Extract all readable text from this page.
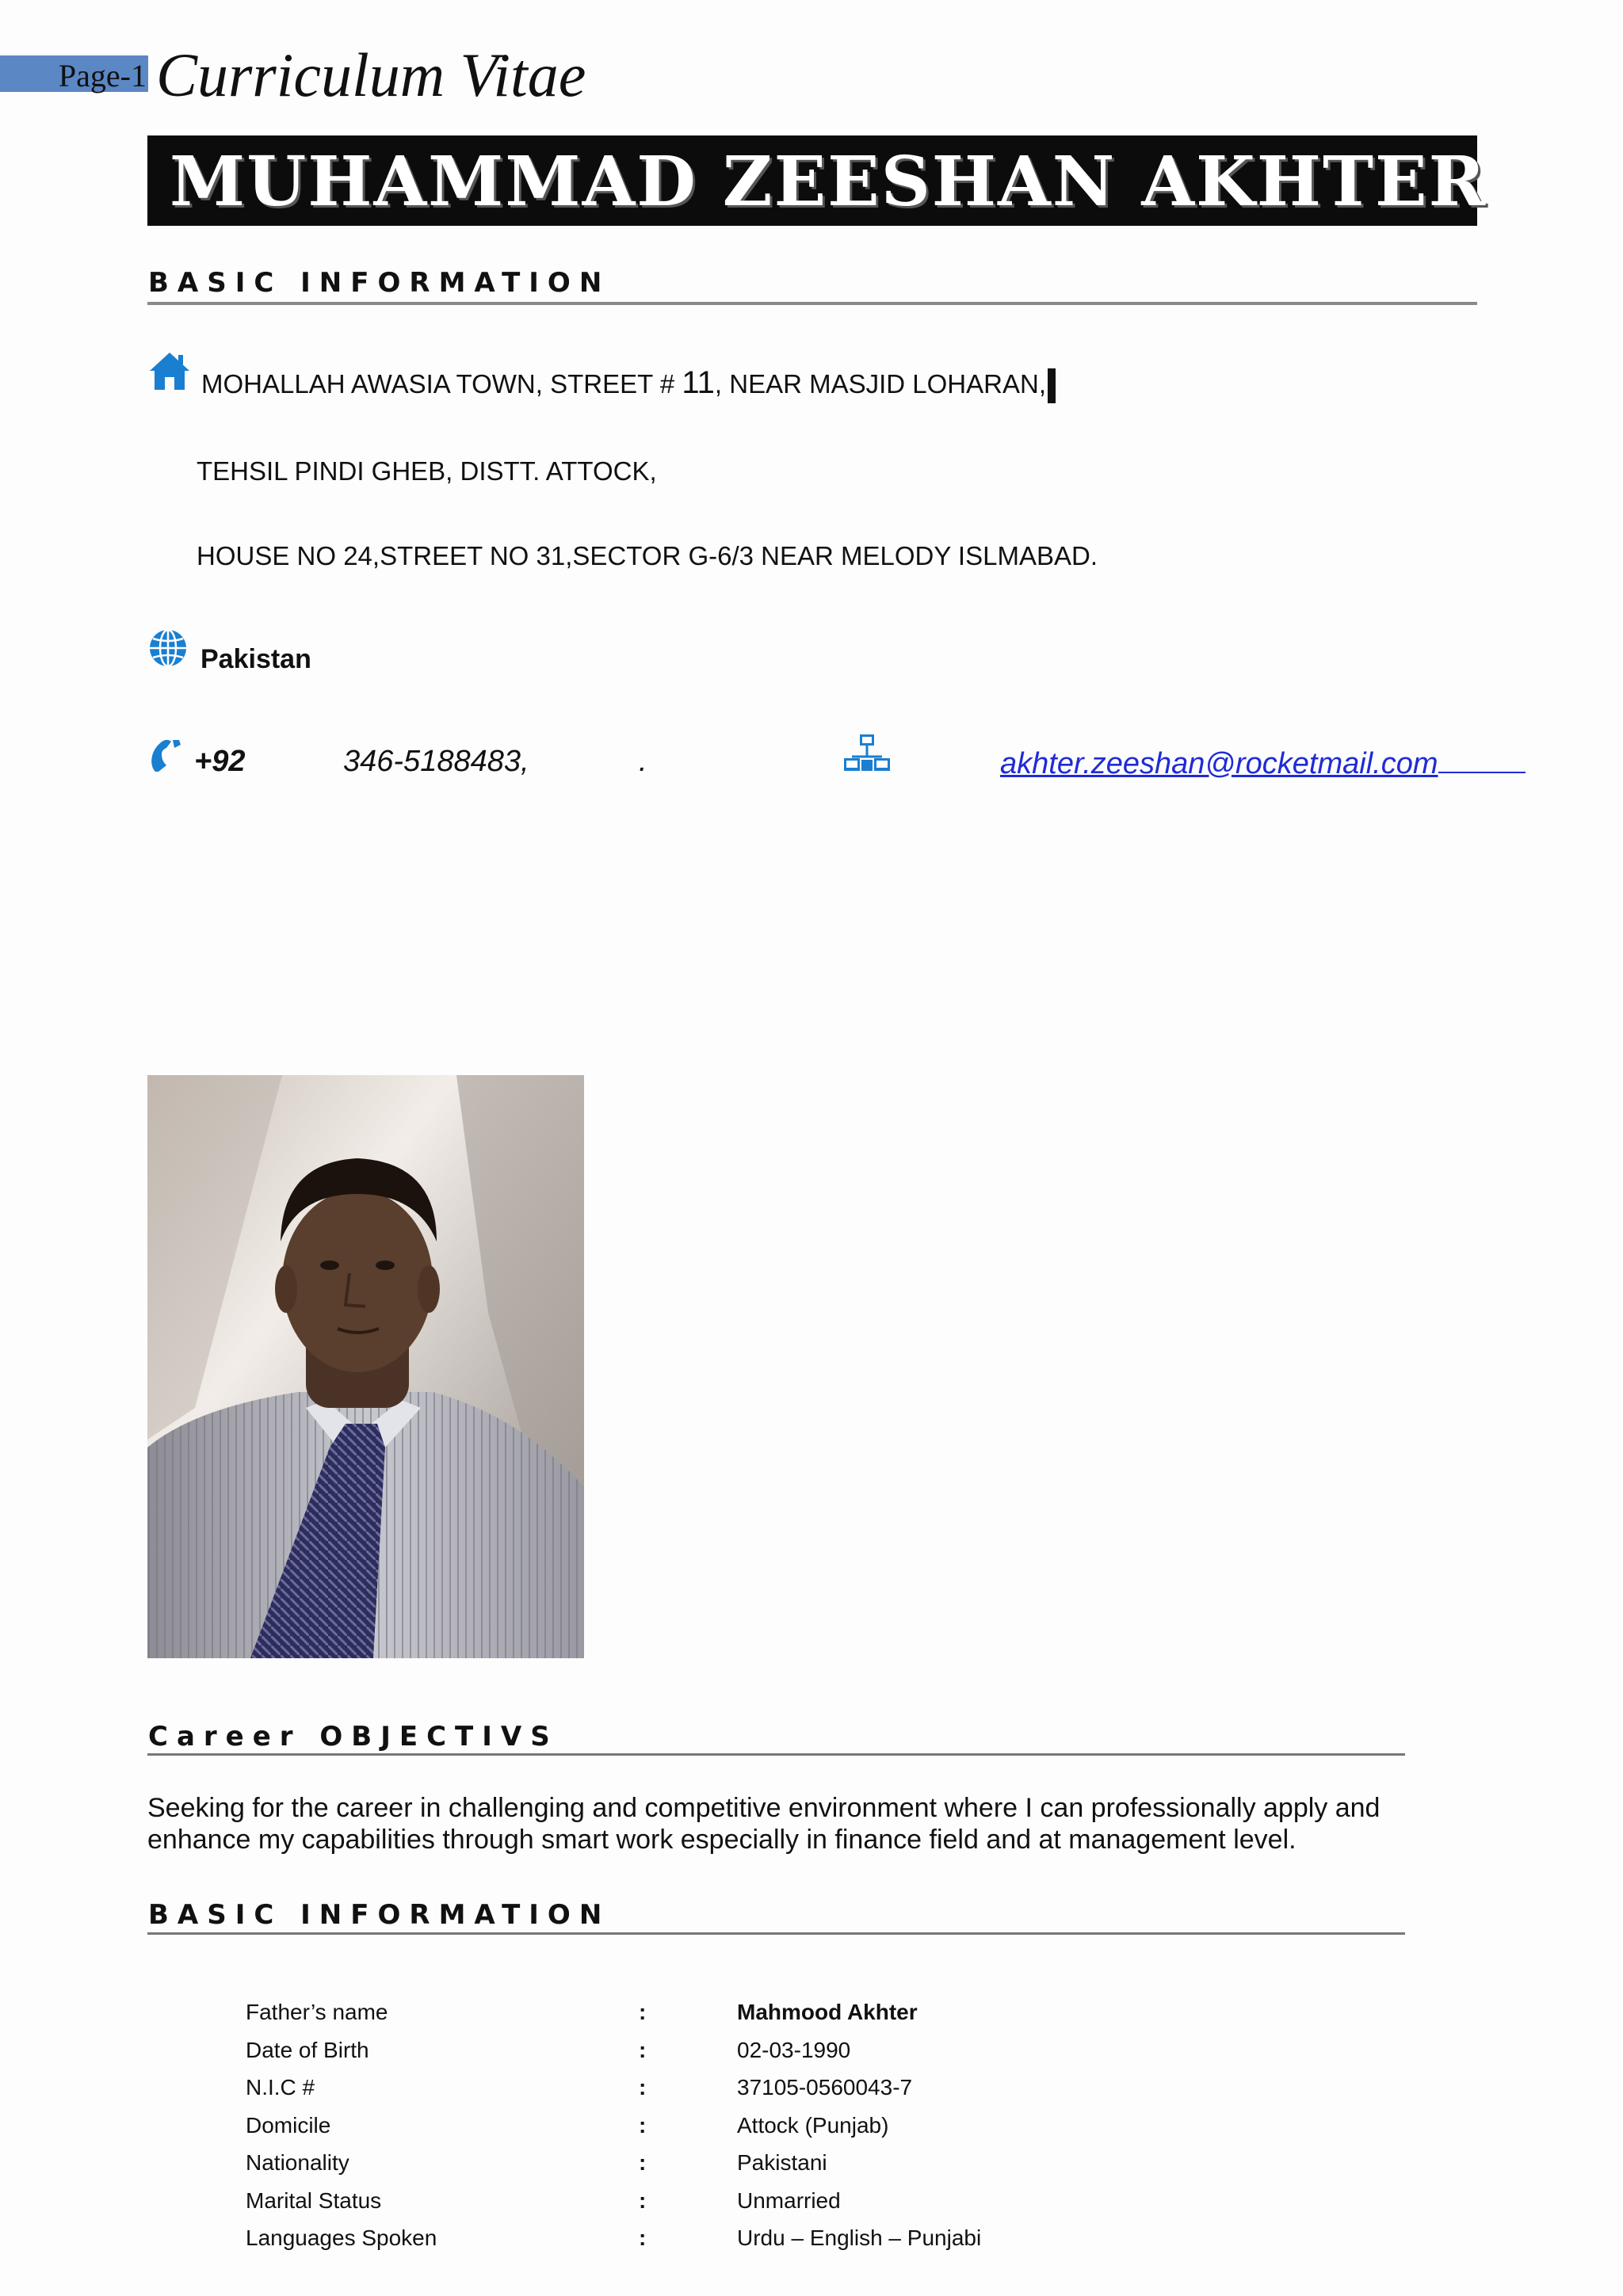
Page-1 Curriculum Vitae
MUHAMMAD ZEESHAN AKHTER
BASIC INFORMATION
MOHALLAH AWASIA TOWN, STREET # 11, NEAR MASJID LOHARAN,
TEHSIL PINDI GHEB, DISTT. ATTOCK,
HOUSE NO 24,STREET NO 31,SECTOR G-6/3 NEAR MELODY ISLMABAD.
Pakistan
+92	346-5188483,	.	akhter.zeeshan@rocketmail.com
Career OBJECTIVS
Seeking for the career in challenging and competitive environment where I can professionally apply and enhance my capabilities through smart work especially in finance field and at management level.
BASIC INFORMATION
Father’s name	:	Mahmood Akhter
Date of Birth	:	02-03-1990
N.I.C #	:	37105-0560043-7
Domicile	:	Attock (Punjab)
Nationality	:	Pakistani
Marital Status	:	Unmarried
Languages Spoken	:	Urdu – English – Punjabi
